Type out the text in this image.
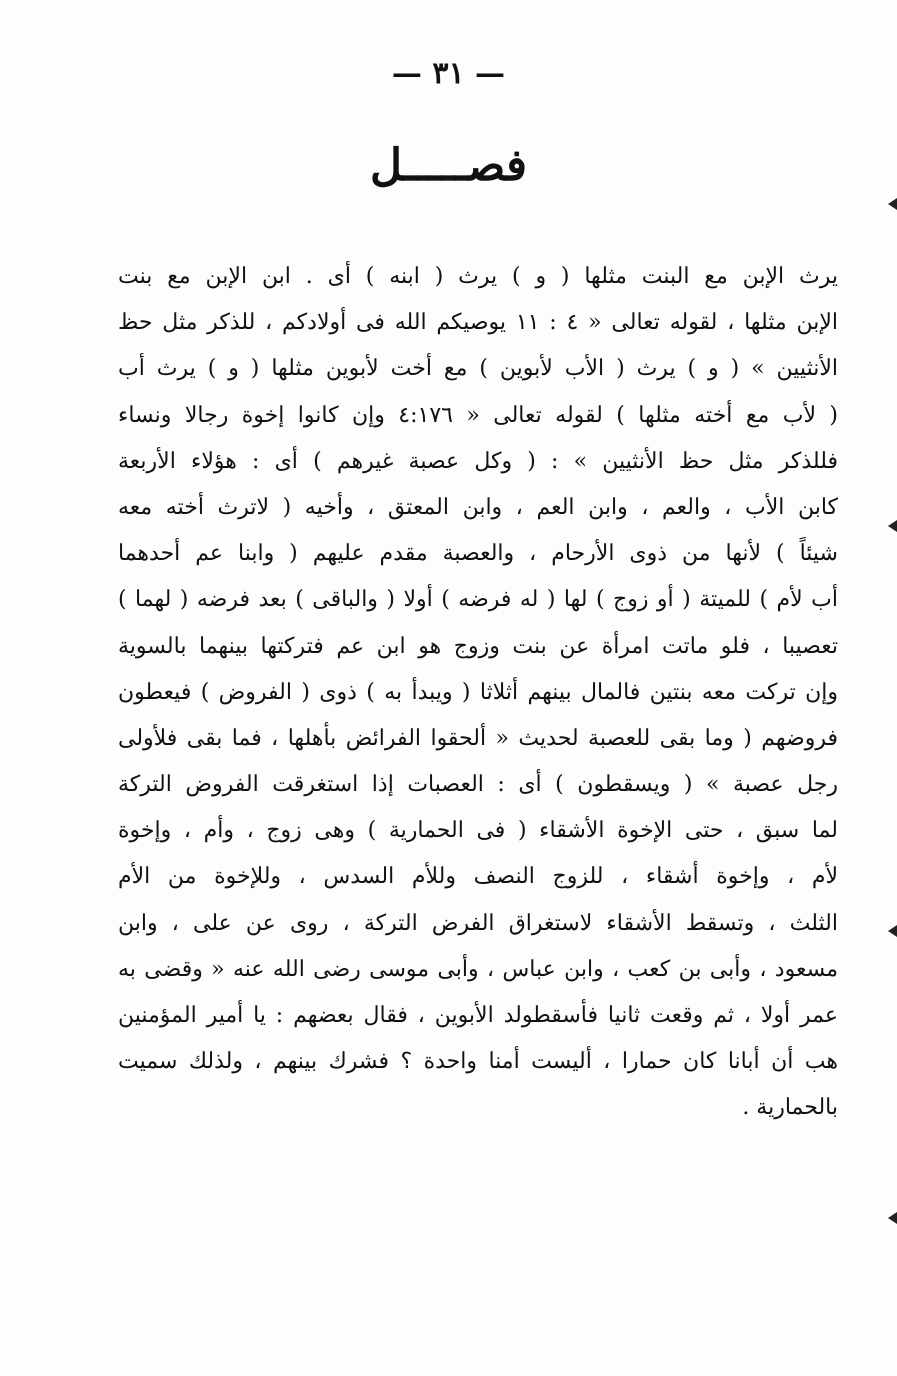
— ٣١ —
فصـــــل
يرث الإبن مع البنت مثلها ( و ) يرث ( ابنه ) أى . ابن الإبن مع بنت
الإبن مثلها ، لقوله تعالى « ٤ : ١١ يوصيكم الله فى أولادكم ، للذكر مثل حظ
الأنثيين » ( و ) يرث ( الأب لأبوين ) مع أخت لأبوين مثلها ( و ) يرث أب
( لأب مع أخته مثلها ) لقوله تعالى « ٤:١٧٦ وإن كانوا إخوة رجالا ونساء
فللذكر مثل حظ الأنثيين » : ( وكل عصبة غيرهم ) أى : هؤلاء الأربعة
كابن الأب ، والعم ، وابن العم ، وابن المعتق ، وأخيه ( لاترث أخته معه
شيئاً ) لأنها من ذوى الأرحام ، والعصبة مقدم عليهم ( وابنا عم أحدهما
أب لأم ) للميتة ( أو زوج ) لها ( له فرضه ) أولا ( والباقى ) بعد فرضه ( لهما )
تعصيبا ، فلو ماتت امرأة عن بنت وزوج هو ابن عم فتركتها بينهما بالسوية
وإن تركت معه بنتين فالمال بينهم أثلاثا ( ويبدأ به ) ذوى ( الفروض ) فيعطون
فروضهم ( وما بقى للعصبة لحديث « ألحقوا الفرائض بأهلها ، فما بقى فلأولى
رجل عصبة » ( ويسقطون ) أى : العصبات إذا استغرقت الفروض التركة
لما سبق ، حتى الإخوة الأشقاء ( فى الحمارية ) وهى زوج ، وأم ، وإخوة
لأم ، وإخوة أشقاء ، للزوج النصف وللأم السدس ، وللإخوة من الأم
الثلث ، وتسقط الأشقاء لاستغراق الفرض التركة ، روى عن على ، وابن
مسعود ، وأبى بن كعب ، وابن عباس ، وأبى موسى رضى الله عنه « وقضى به
عمر أولا ، ثم وقعت ثانيا فأسقطولد الأبوين ، فقال بعضهم : يا أمير المؤمنين
هب أن أبانا كان حمارا ، أليست أمنا واحدة ؟ فشرك بينهم ، ولذلك سميت
بالحمارية .
